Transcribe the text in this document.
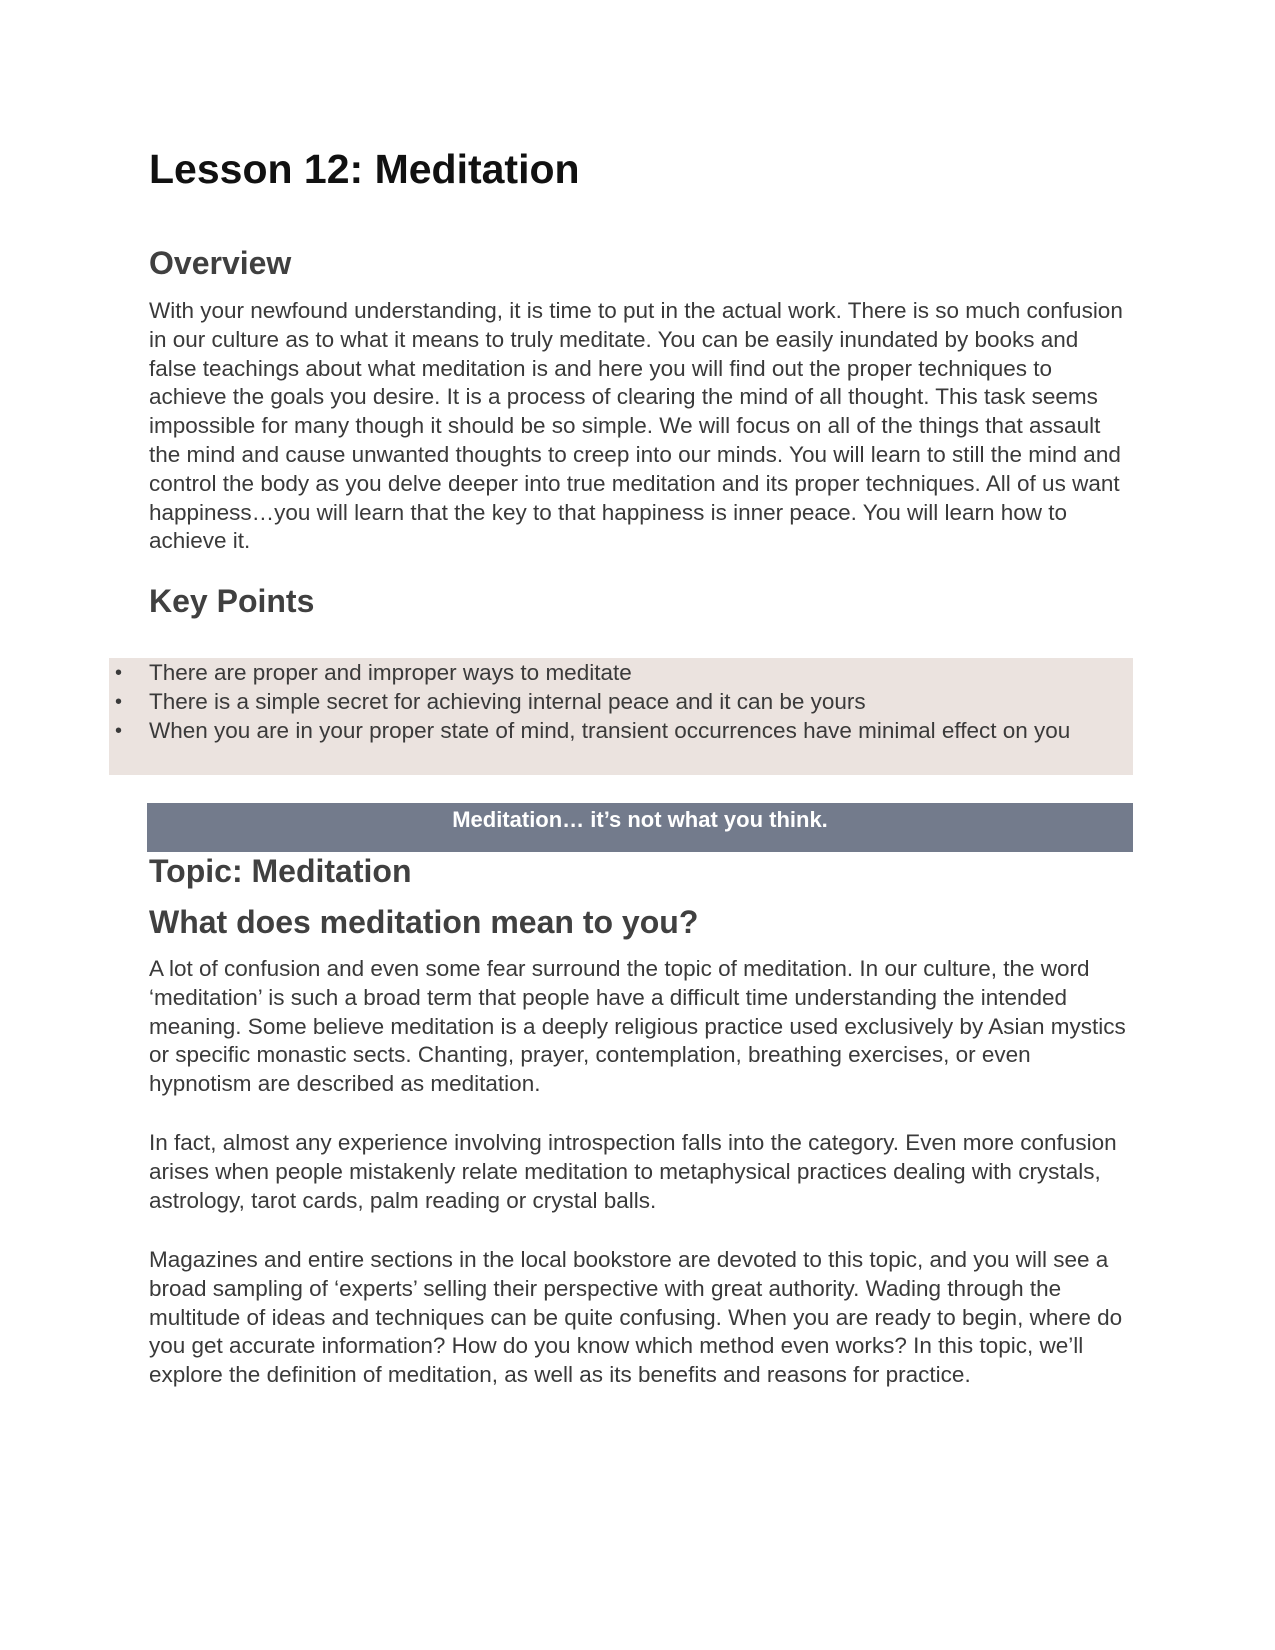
Lesson 12: Meditation
Overview

With your newfound understanding, it is time to put in the actual work. There is so much confusion in our culture as to what it means to truly meditate. You can be easily inundated by books and false teachings about what meditation is and here you will find out the proper techniques to achieve the goals you desire. It is a process of clearing the mind of all thought. This task seems impossible for many though it should be so simple. We will focus on all of the things that assault the mind and cause unwanted thoughts to creep into our minds. You will learn to still the mind and control the body as you delve deeper into true meditation and its proper techniques. All of us want happiness…you will learn that the key to that happiness is inner peace. You will learn how to achieve it.

Key Points
• There are proper and improper ways to meditate
• There is a simple secret for achieving internal peace and it can be yours
• When you are in your proper state of mind, transient occurrences have minimal effect on you
Meditation… it’s not what you think.
Topic: Meditation
What does meditation mean to you?

A lot of confusion and even some fear surround the topic of meditation. In our culture, the word ‘meditation’ is such a broad term that people have a difficult time understanding the intended meaning. Some believe meditation is a deeply religious practice used exclusively by Asian mystics or specific monastic sects. Chanting, prayer, contemplation, breathing exercises, or even hypnotism are described as meditation.

In fact, almost any experience involving introspection falls into the category. Even more confusion arises when people mistakenly relate meditation to metaphysical practices dealing with crystals, astrology, tarot cards, palm reading or crystal balls.

Magazines and entire sections in the local bookstore are devoted to this topic, and you will see a broad sampling of ‘experts’ selling their perspective with great authority. Wading through the multitude of ideas and techniques can be quite confusing. When you are ready to begin, where do you get accurate information? How do you know which method even works? In this topic, we’ll explore the definition of meditation, as well as its benefits and reasons for practice.
